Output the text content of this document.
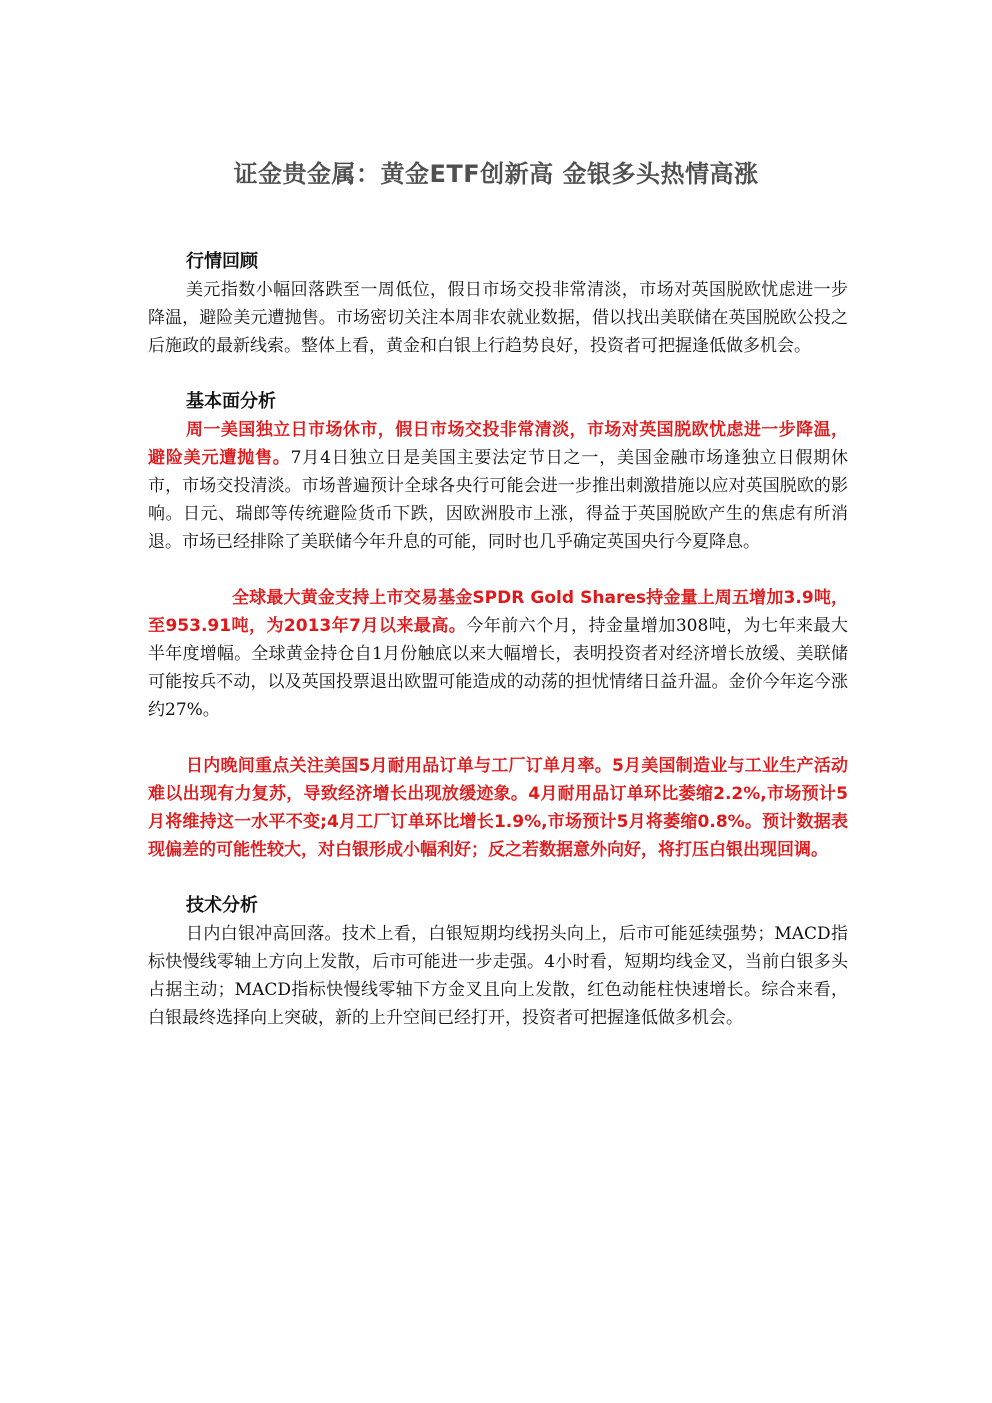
证金贵金属：黄金ETF创新高 金银多头热情高涨
行情回顾

美元指数小幅回落跌至一周低位，假日市场交投非常清淡，市场对英国脱欧忧虑进一步降温，避险美元遭抛售。市场密切关注本周非农就业数据，借以找出美联储在英国脱欧公投之后施政的最新线索。整体上看，黄金和白银上行趋势良好，投资者可把握逢低做多机会。

基本面分析

周一美国独立日市场休市，假日市场交投非常清淡，市场对英国脱欧忧虑进一步降温，避险美元遭抛售。7月4日独立日是美国主要法定节日之一，美国金融市场逢独立日假期休市，市场交投清淡。市场普遍预计全球各央行可能会进一步推出刺激措施以应对英国脱欧的影响。日元、瑞郎等传统避险货币下跌，因欧洲股市上涨，得益于英国脱欧产生的焦虑有所消退。市场已经排除了美联储今年升息的可能，同时也几乎确定英国央行今夏降息。

全球最大黄金支持上市交易基金SPDR Gold Shares持金量上周五增加3.9吨，至953.91吨，为2013年7月以来最高。今年前六个月，持金量增加308吨，为七年来最大半年度增幅。全球黄金持仓自1月份触底以来大幅增长，表明投资者对经济增长放缓、美联储可能按兵不动，以及英国投票退出欧盟可能造成的动荡的担忧情绪日益升温。金价今年迄今涨约27%。

日内晚间重点关注美国5月耐用品订单与工厂订单月率。5月美国制造业与工业生产活动难以出现有力复苏，导致经济增长出现放缓迹象。4月耐用品订单环比萎缩2.2%,市场预计5月将维持这一水平不变;4月工厂订单环比增长1.9%,市场预计5月将萎缩0.8%。预计数据表现偏差的可能性较大，对白银形成小幅利好；反之若数据意外向好，将打压白银出现回调。

技术分析

日内白银冲高回落。技术上看，白银短期均线拐头向上，后市可能延续强势；MACD指标快慢线零轴上方向上发散，后市可能进一步走强。4小时看，短期均线金叉，当前白银多头占据主动；MACD指标快慢线零轴下方金叉且向上发散，红色动能柱快速增长。综合来看，白银最终选择向上突破，新的上升空间已经打开，投资者可把握逢低做多机会。
